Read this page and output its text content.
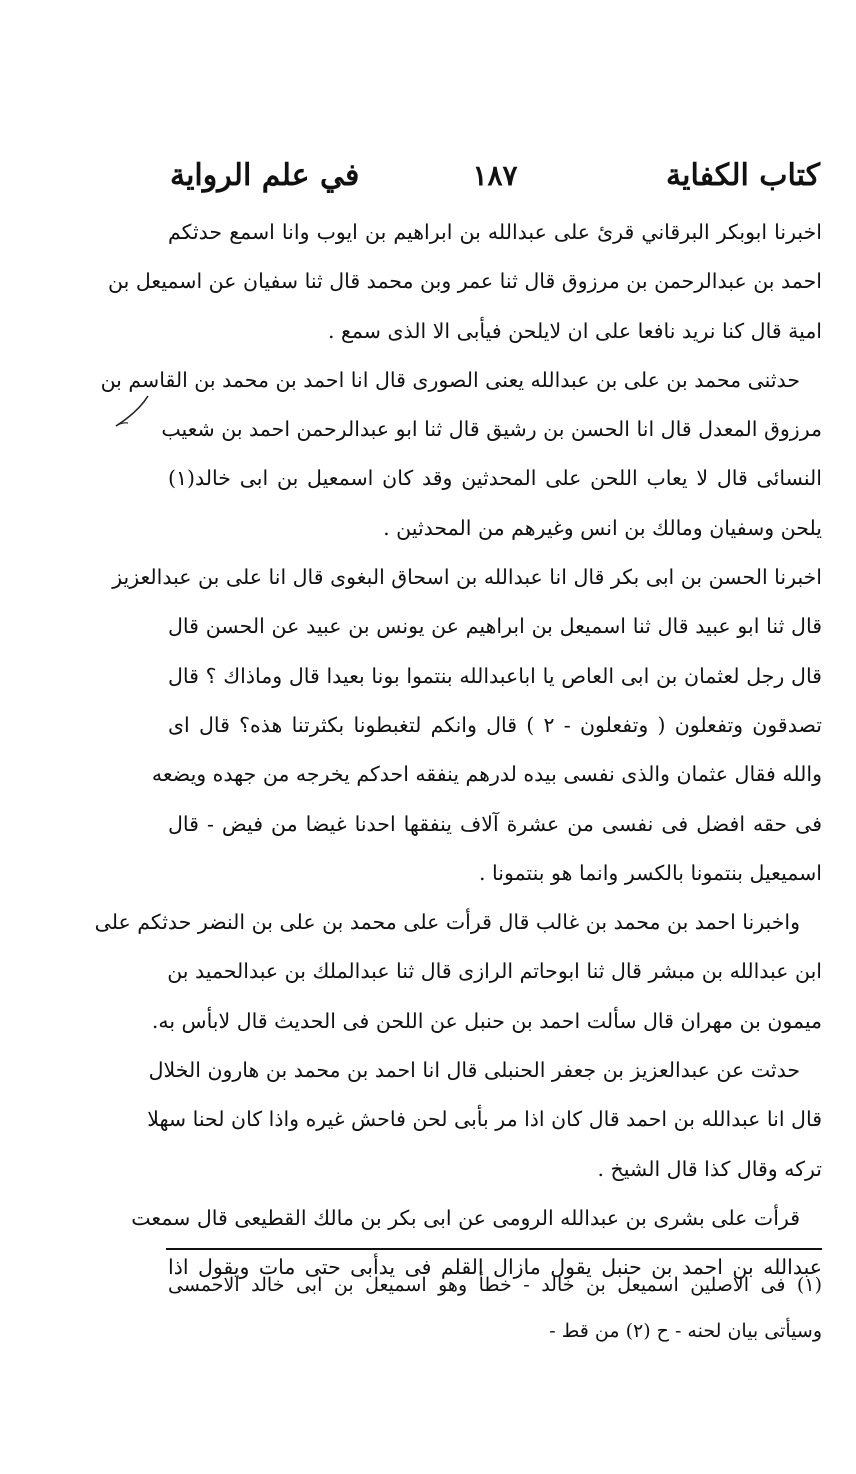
كتاب الكفاية
١٨٧
في علم الرواية
اخبرنا ابوبكر البرقاني قرئ على عبدالله بن ابراهيم بن ايوب وانا اسمع حدثكم
احمد بن عبدالرحمن بن مرزوق قال ثنا عمر وبن محمد قال ثنا سفيان عن اسميعل بن
امية قال كنا نريد نافعا على ان لايلحن فيأبى الا الذى سمع .
حدثنى محمد بن على بن عبدالله يعنى الصورى قال انا احمد بن محمد بن القاسم بن
مرزوق المعدل قال انا الحسن بن رشيق قال ثنا ابو عبدالرحمن احمد بن شعيب
النسائى قال لا يعاب اللحن على المحدثين وقد كان اسمعيل بن ابى خالد(١)
يلحن وسفيان ومالك بن انس وغيرهم من المحدثين .
اخبرنا الحسن بن ابى بكر قال انا عبدالله بن اسحاق البغوى قال انا على بن عبدالعزيز
قال ثنا ابو عبيد قال ثنا اسميعل بن ابراهيم عن يونس بن عبيد عن الحسن قال
قال رجل لعثمان بن ابى العاص يا اباعبدالله بنتموا بونا بعيدا قال وماذاك ؟ قال
تصدقون وتفعلون ( وتفعلون - ٢ ) قال وانكم لتغبطونا بكثرتنا هذه؟ قال اى
والله فقال عثمان والذى نفسى بيده لدرهم ينفقه احدكم يخرجه من جهده ويضعه
فى حقه افضل فى نفسى من عشرة آلاف ينفقها احدنا غيضا من فيض - قال
اسميعيل بنتمونا بالكسر وانما هو بنتمونا .
واخبرنا احمد بن محمد بن غالب قال قرأت على محمد بن على بن النضر حدثكم على
ابن عبدالله بن مبشر قال ثنا ابوحاتم الرازى قال ثنا عبدالملك بن عبدالحميد بن
ميمون بن مهران قال سألت احمد بن حنبل عن اللحن فى الحديث قال لابأس به.
حدثت عن عبدالعزيز بن جعفر الحنبلى قال انا احمد بن محمد بن هارون الخلال
قال انا عبدالله بن احمد قال كان اذا مر بأبى لحن فاحش غيره واذا كان لحنا سهلا
تركه وقال كذا قال الشيخ .
قرأت على بشرى بن عبدالله الرومى عن ابى بكر بن مالك القطيعى قال سمعت
عبدالله بن احمد بن حنبل يقول مازال القلم فى يدأبى حتى مات ويقول اذا
(١) فى الاصلين اسميعل بن خالد - خطأ وهو اسميعل بن ابى خالد الاحمسى
وسيأتى بيان لحنه - ح (٢) من قط -
